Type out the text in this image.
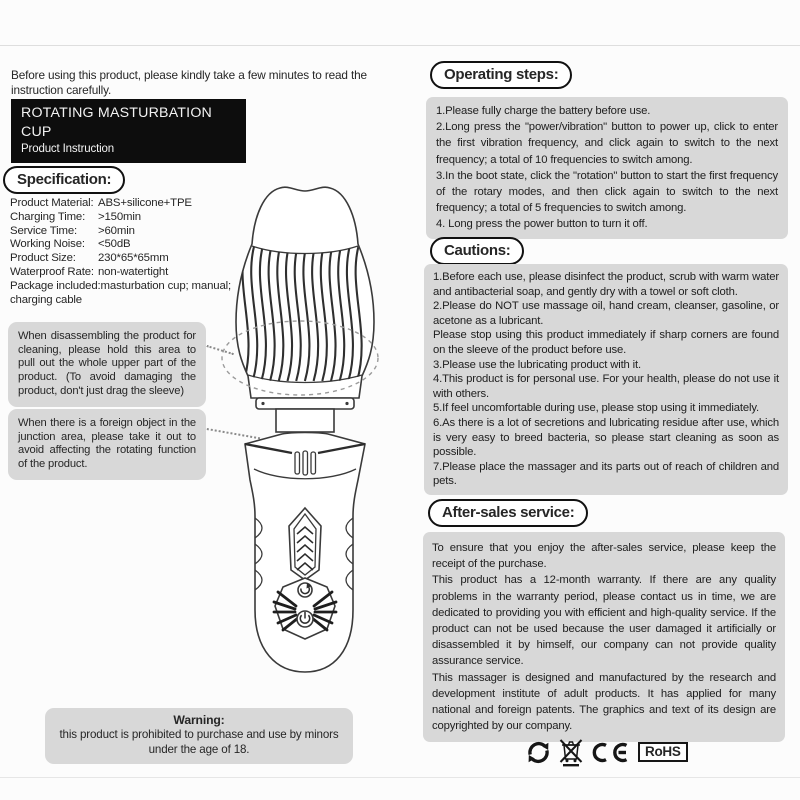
Before using this product, please kindly take a few minutes to read the instruction carefully.

ROTATING MASTURBATION CUP
Product Instruction
Specification:
Product Material: ABS+silicone+TPE
Charging Time: >150min
Service Time: >60min
Working Noise: <50dB
Product Size: 230*65*65mm
Waterproof Rate: non-watertight
Package included:masturbation cup; manual; charging cable
When disassembling the product for cleaning, please hold this area to pull out the whole upper part of the product. (To avoid damaging the product, don't just drag the sleeve)
When there is a foreign object in the junction area, please take it out to avoid affecting the rotating function of the product.
Warning:
this product is prohibited to purchase and use by minors under the age of 18.
Operating steps:

1.Please fully charge the battery before use.

2.Long press the "power/vibration" button to power up, click to enter the first vibration frequency, and click again to switch to the next frequency; a total of 10 frequencies to switch among.

3.In the boot state, click the "rotation" button to start the first frequency of the rotary modes, and then click again to switch to the next frequency; a total of 5 frequencies to switch among.

4. Long press the power button to turn it off.

Cautions:

1.Before each use, please disinfect the product, scrub with warm water and antibacterial soap, and gently dry with a towel or soft cloth.

2.Please do NOT use massage oil, hand cream, cleanser, gasoline, or acetone as a lubricant.

Please stop using this product immediately if sharp corners are found on the sleeve of the product before use.

3.Please use the lubricating product with it.

4.This product is for personal use. For your health, please do not use it with others.

5.If feel uncomfortable during use, please stop using it immediately.

6.As there is a lot of secretions and lubricating residue after use, which is very easy to breed bacteria, so please start cleaning as soon as possible.

7.Please place the massager and its parts out of reach of children and pets.

After-sales service:

To ensure that you enjoy the after-sales service, please keep the receipt of the purchase.

This product has a 12-month warranty. If there are any quality problems in the warranty period, please contact us in time, we are dedicated to providing you with efficient and high-quality service. If the product can not be used because the user damaged it artificially or disassembled it by himself, our company can not provide quality assurance service.

This massager is designed and manufactured by the research and development institute of adult products. It has applied for many national and foreign patents. The graphics and text of its design are copyrighted by our company.

RoHS
